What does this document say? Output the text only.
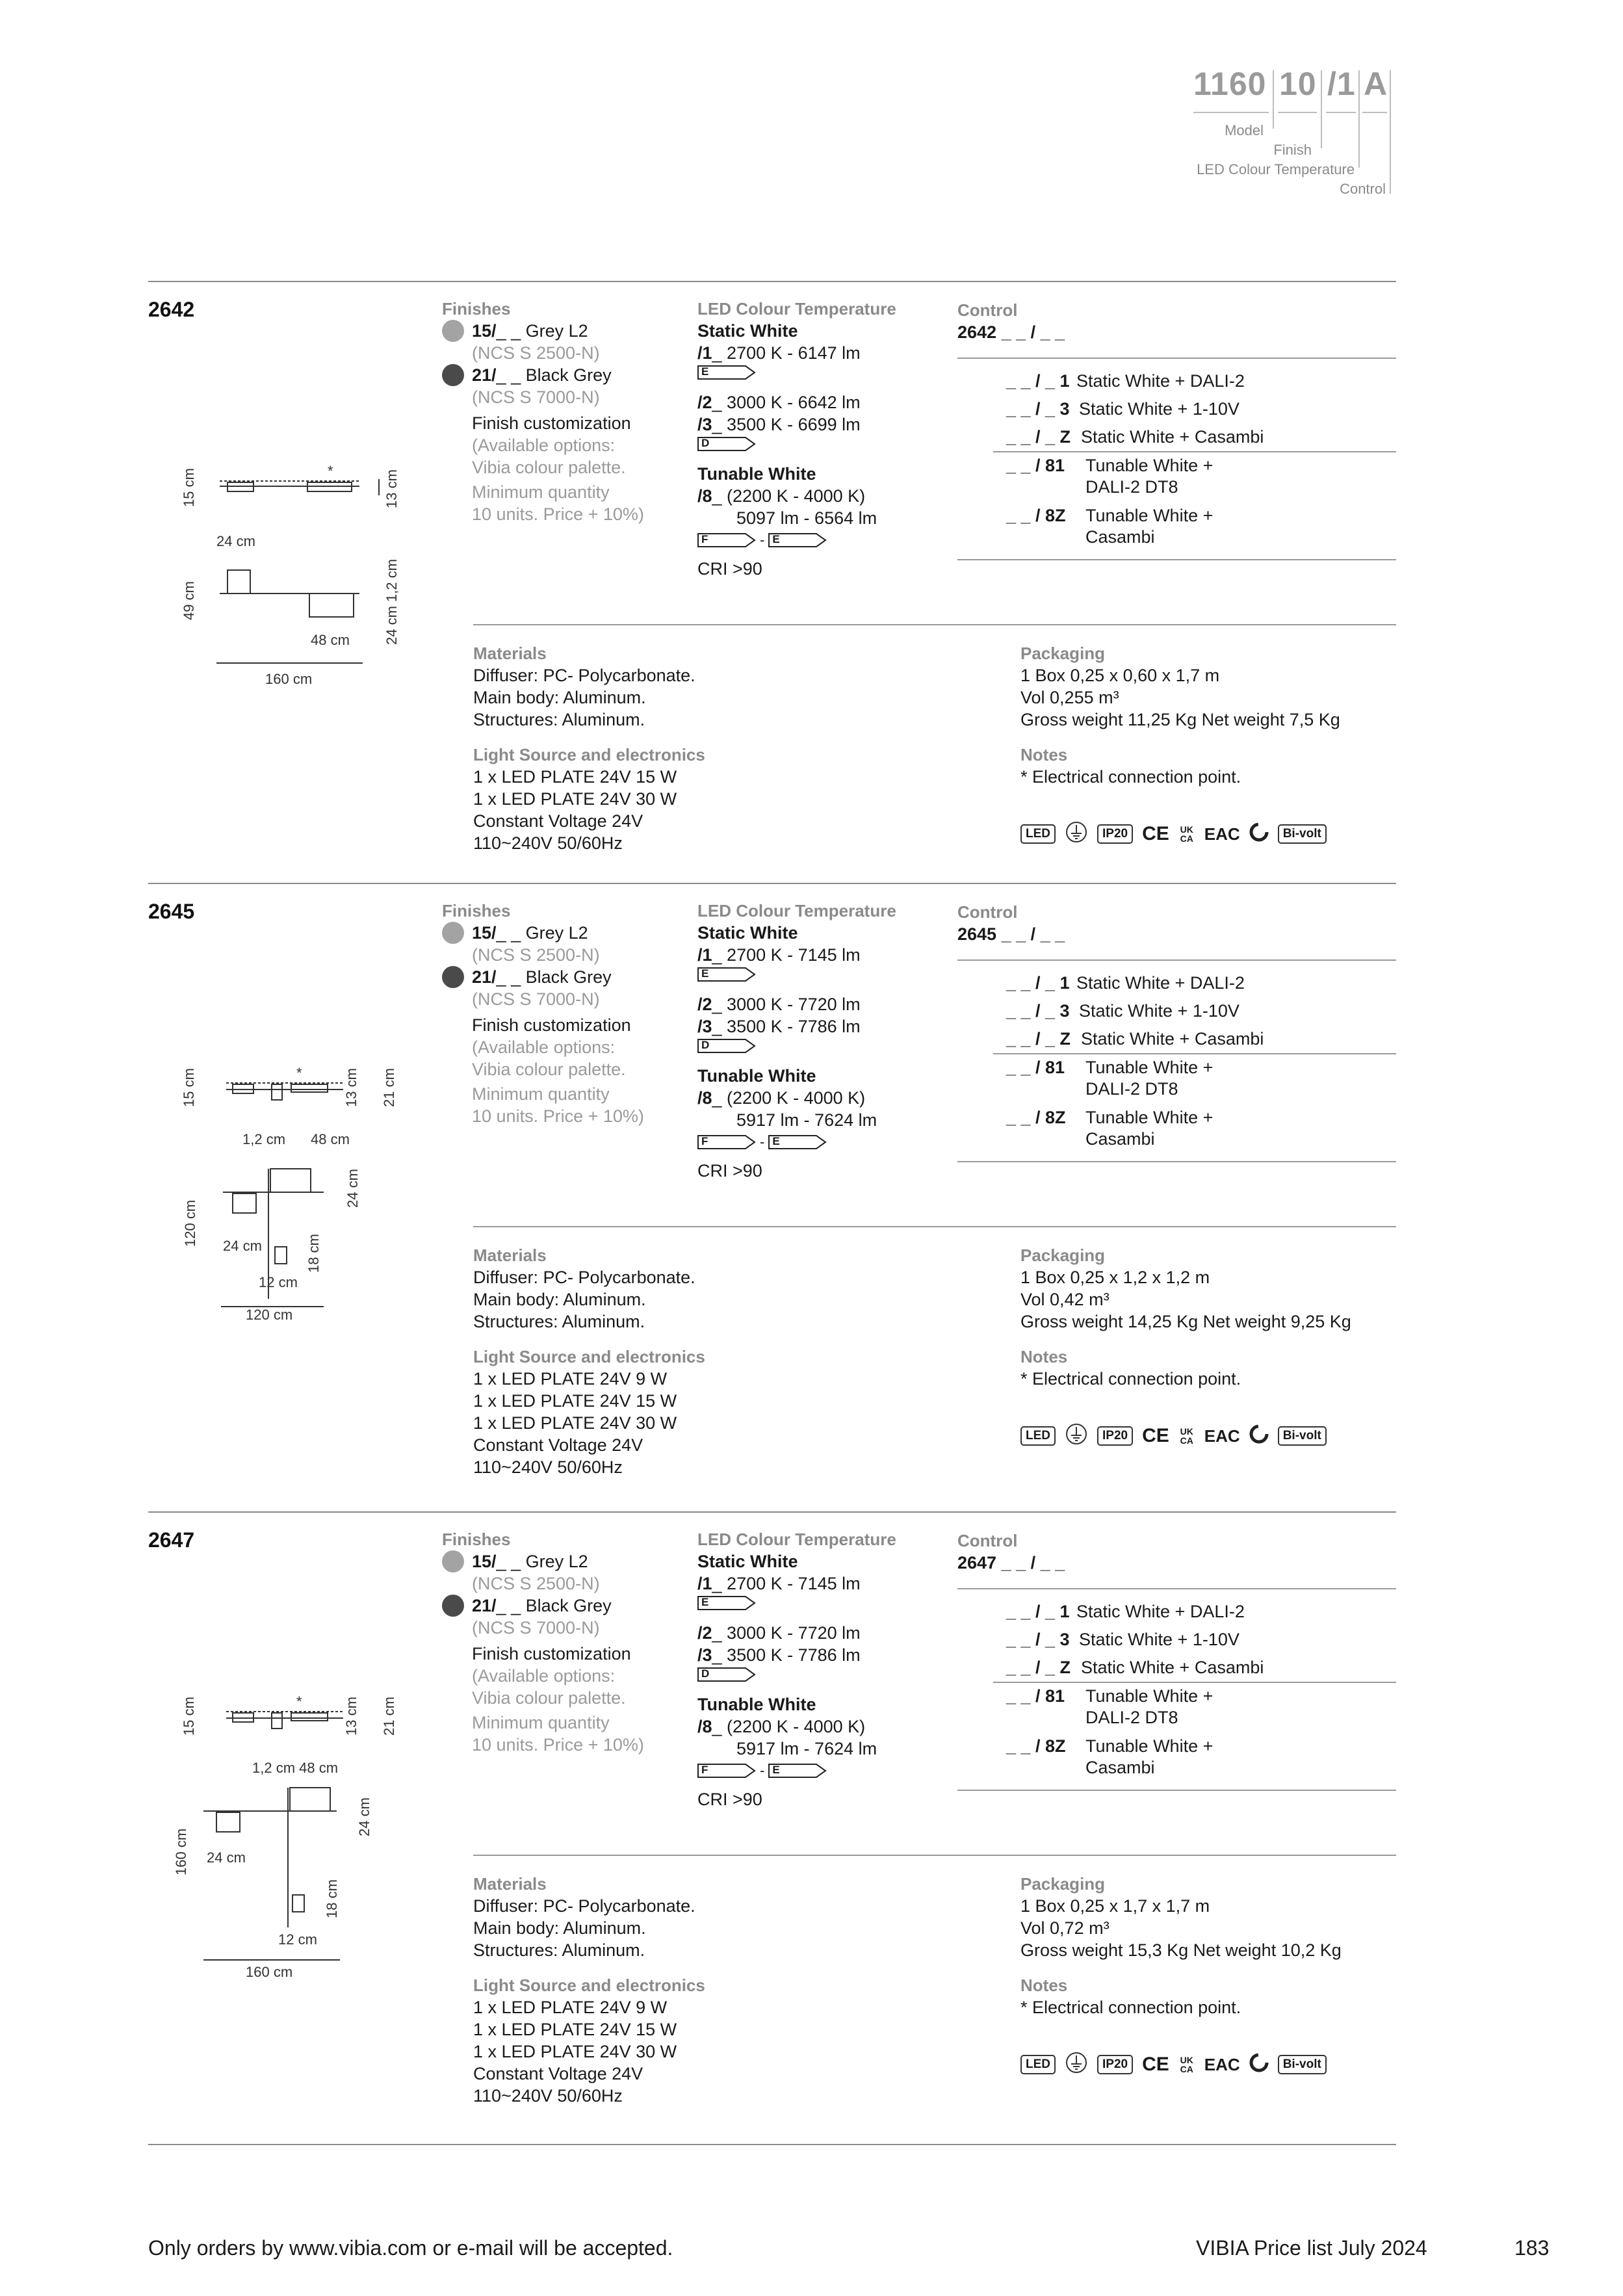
1160 10 /1 A
Model
Finish
LED Colour Temperature
Control
2642
*
15 cm	13 cm
24 cm
49 cm	24 cm 1,2 cm
48 cm
160 cm
Finishes
15/ _ _ Grey L2
(NCS S 2500-N)
21/ _ _ Black Grey
(NCS S 7000-N)
Finish customization
(Available options:
Vibia colour palette.
Minimum quantity
10 units. Price + 10%)
LED Colour Temperature
Static White
/1 _ 2700 K - 6147 lm
E
/2 _ 3000 K - 6642 lm
/3 _ 3500 K - 6699 lm
D
Tunable White
/8 _ (2200 K - 4000 K)
5097 lm - 6564 lm
F	- E
CRI >90
Control
2642 _ _ / _ _
_ _ / _ 1 Static White + DALI-2
_ _ / _ 3 Static White + 1-10V
_ _ / _ Z Static White + Casambi
_ _ / 81 Tunable White +
DALI-2 DT8
_ _ / 8Z Tunable White +
Casambi
Materials
Diffuser: PC- Polycarbonate.
Main body: Aluminum.
Structures: Aluminum.
Light Source and electronics
1 x LED PLATE 24V 15 W
1 x LED PLATE 24V 30 W
Constant Voltage 24V
110~240V 50/60Hz
Packaging
1 Box 0,25 x 0,60 x 1,7 m
Vol 0,255 m³
Gross weight 11,25 Kg Net weight 7,5 Kg
Notes
* Electrical connection point.
LED	IP20 CE UK CA EAC	Bi-volt
2645
*
15 cm	13 cm 21 cm
1,2 cm 48 cm
120 cm
24 cm
24 cm	18 cm
12 cm
120 cm
Finishes
15/ _ _ Grey L2
(NCS S 2500-N)
21/ _ _ Black Grey
(NCS S 7000-N)
Finish customization
(Available options:
Vibia colour palette.
Minimum quantity
10 units. Price + 10%)
LED Colour Temperature
Static White
/1 _ 2700 K - 7145 lm
E
/2 _ 3000 K - 7720 lm
/3 _ 3500 K - 7786 lm
D
Tunable White
/8 _ (2200 K - 4000 K)
5917 lm - 7624 lm
F	- E
CRI >90
Control
2645 _ _ / _ _
_ _ / _ 1 Static White + DALI-2
_ _ / _ 3 Static White + 1-10V
_ _ / _ Z Static White + Casambi
_ _ / 81 Tunable White +
DALI-2 DT8
_ _ / 8Z Tunable White +
Casambi
Materials
Diffuser: PC- Polycarbonate.
Main body: Aluminum.
Structures: Aluminum.
Light Source and electronics
1 x LED PLATE 24V 9 W
1 x LED PLATE 24V 15 W
1 x LED PLATE 24V 30 W
Constant Voltage 24V
110~240V 50/60Hz
Packaging
1 Box 0,25 x 1,2 x 1,2 m
Vol 0,42 m³
Gross weight 14,25 Kg Net weight 9,25 Kg
Notes
* Electrical connection point.
LED	IP20 CE UK CA EAC	Bi-volt
2647
*
15 cm	13 cm 21 cm
1,2 cm 48 cm
160 cm 24 cm
24 cm
18 cm
12 cm
160 cm
Finishes
15/ _ _ Grey L2
(NCS S 2500-N)
21/ _ _ Black Grey
(NCS S 7000-N)
Finish customization
(Available options:
Vibia colour palette.
Minimum quantity
10 units. Price + 10%)
LED Colour Temperature
Static White
/1 _ 2700 K - 7145 lm
E
/2 _ 3000 K - 7720 lm
/3 _ 3500 K - 7786 lm
D
Tunable White
/8 _ (2200 K - 4000 K)
5917 lm - 7624 lm
F	- E
CRI >90
Control
2647 _ _ / _ _
_ _ / _ 1 Static White + DALI-2
_ _ / _ 3 Static White + 1-10V
_ _ / _ Z Static White + Casambi
_ _ / 81 Tunable White +
DALI-2 DT8
_ _ / 8Z Tunable White +
Casambi
Materials
Diffuser: PC- Polycarbonate.
Main body: Aluminum.
Structures: Aluminum.
Light Source and electronics
1 x LED PLATE 24V 9 W
1 x LED PLATE 24V 15 W
1 x LED PLATE 24V 30 W
Constant Voltage 24V
110~240V 50/60Hz
Packaging
1 Box 0,25 x 1,7 x 1,7 m
Vol 0,72 m³
Gross weight 15,3 Kg Net weight 10,2 Kg
Notes
* Electrical connection point.
LED	IP20 CE UK CA EAC	Bi-volt
Only orders by www.vibia.com or e-mail will be accepted.	VIBIA Price list July 2024	183
